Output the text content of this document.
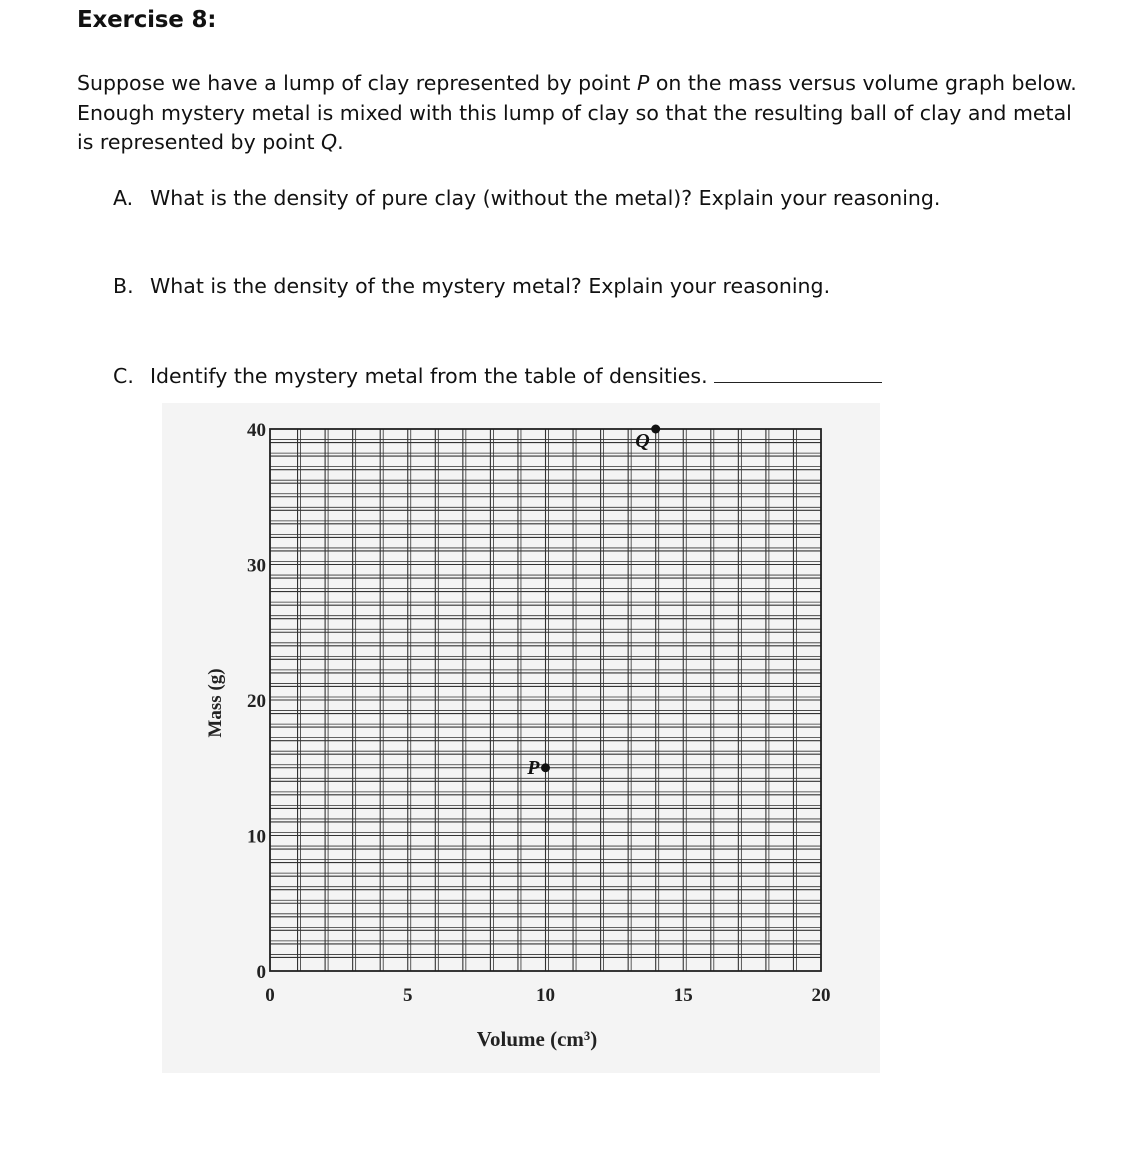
Exercise 8:
Suppose we have a lump of clay represented by point P on the mass versus volume graph below. Enough mystery metal is mixed with this lump of clay so that the resulting ball of clay and metal is represented by point Q.
A. What is the density of pure clay (without the metal)? Explain your reasoning.
B. What is the density of the mystery metal? Explain your reasoning.
C. Identify the mystery metal from the table of densities.
0	5	10	15	20
0
10
20
30
40
P
Q
Volume (cm³)
Mass (g)
